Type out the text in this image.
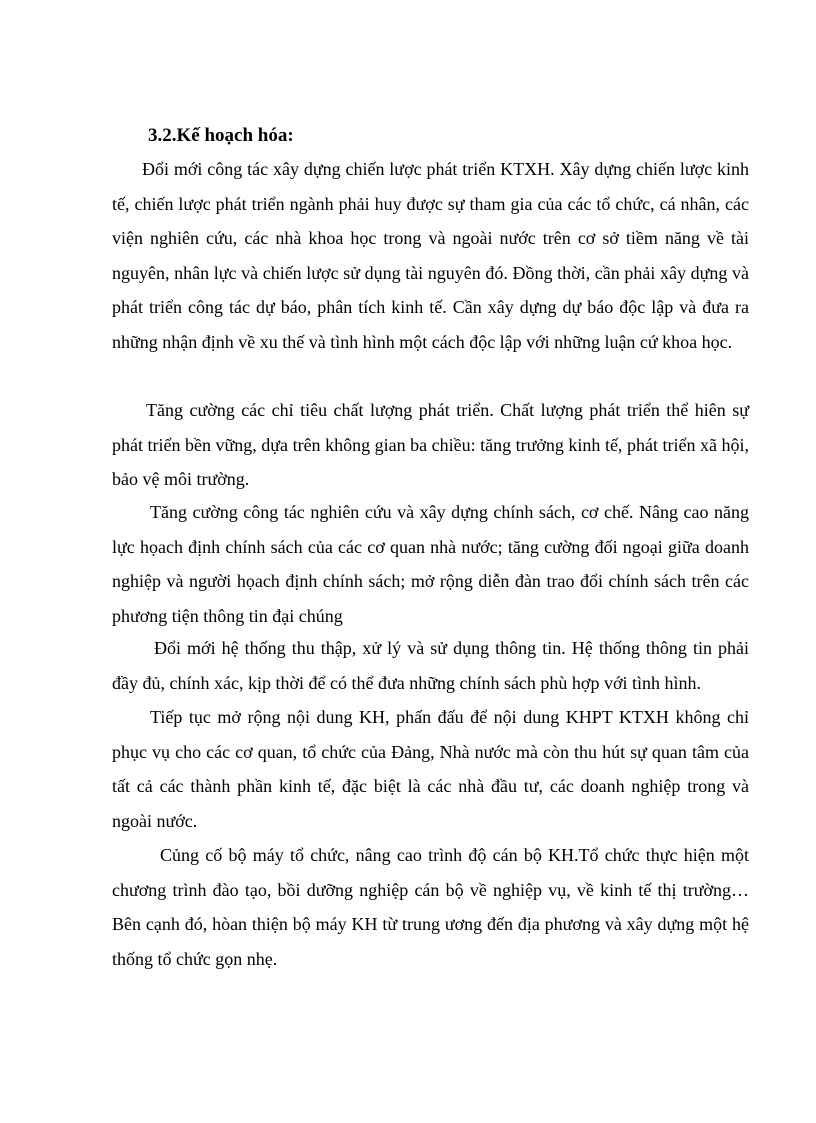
3.2.Kế hoạch hóa:

Đổi mới công tác xây dựng chiến lược phát triển KTXH. Xây dựng chiến lược kinh tế, chiến lược phát triển ngành phải huy được sự tham gia của các tổ chức, cá nhân, các viện nghiên cứu, các nhà khoa học trong và ngoài nước trên cơ sở tiềm năng về tài nguyên, nhân lực và chiến lược sử dụng tài nguyên đó. Đồng thời, cần phải xây dựng và phát triển công tác dự báo, phân tích kinh tế. Cần xây dựng dự báo độc lập và đưa ra những nhận định về xu thế và tình hình một cách độc lập với những luận cứ khoa học.

Tăng cường các chỉ tiêu chất lượng phát triển. Chất lượng phát triển thể hiên sự phát triển bền vững, dựa trên không gian ba chiều: tăng trưởng kinh tế, phát triển xã hội, bảo vệ môi trường.

Tăng cường công tác nghiên cứu và xây dựng chính sách, cơ chế. Nâng cao năng lực họach định chính sách của các cơ quan nhà nước; tăng cường đối ngoại giữa doanh nghiệp và người họach định chính sách; mở rộng diễn đàn trao đổi chính sách trên các phương tiện thông tin đại chúng

Đổi mới hệ thống thu thập, xử lý và sử dụng thông tin. Hệ thống thông tin phải đầy đủ, chính xác, kịp thời để có thể đưa những chính sách phù hợp với tình hình.

Tiếp tục mở rộng nội dung KH, phấn đấu để nội dung KHPT KTXH không chỉ phục vụ cho các cơ quan, tổ chức của Đảng, Nhà nước mà còn thu hút sự quan tâm của tất cả các thành phần kinh tế, đặc biệt là các nhà đầu tư, các doanh nghiệp trong và ngoài nước.

Củng cố bộ máy tổ chức, nâng cao trình độ cán bộ KH.Tổ chức thực hiện một chương trình đào tạo, bồi dưỡng nghiệp cán bộ về nghiệp vụ, về kinh tế thị trường…Bên cạnh đó, hòan thiện bộ máy KH từ trung ương đến địa phương và xây dựng một hệ thống tổ chức gọn nhẹ.
